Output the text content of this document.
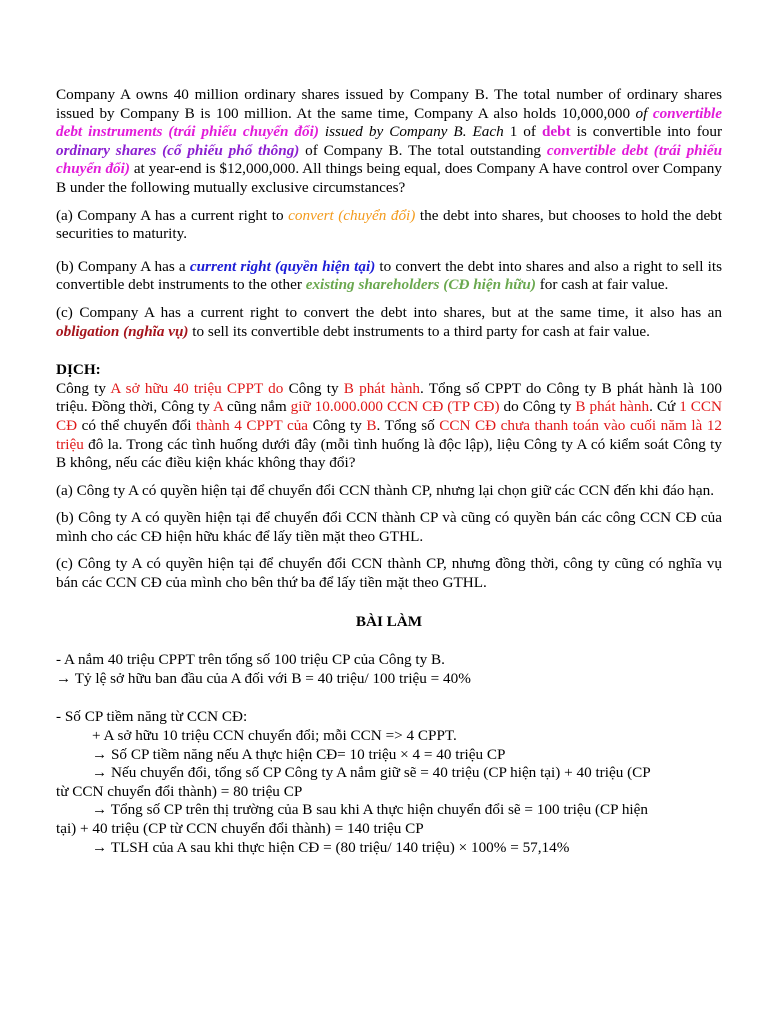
Company A owns 40 million ordinary shares issued by Company B. The total number of ordinary shares issued by Company B is 100 million. At the same time, Company A also holds 10,000,000 of convertible debt instruments (trái phiếu chuyển đổi) issued by Company B. Each 1 of debt is convertible into four ordinary shares (cổ phiếu phổ thông) of Company B. The total outstanding convertible debt (trái phiếu chuyển đổi) at year-end is $12,000,000. All things being equal, does Company A have control over Company B under the following mutually exclusive circumstances?

(a) Company A has a current right to convert (chuyển đổi) the debt into shares, but chooses to hold the debt securities to maturity.

(b) Company A has a current right (quyền hiện tại) to convert the debt into shares and also a right to sell its convertible debt instruments to the other existing shareholders (CĐ hiện hữu) for cash at fair value.

(c) Company A has a current right to convert the debt into shares, but at the same time, it also has an obligation (nghĩa vụ) to sell its convertible debt instruments to a third party for cash at fair value.

DỊCH:

Công ty A sở hữu 40 triệu CPPT do Công ty B phát hành. Tổng số CPPT do Công ty B phát hành là 100 triệu. Đồng thời, Công ty A cũng nắm giữ 10.000.000 CCN CĐ (TP CĐ) do Công ty B phát hành. Cứ 1 CCN CĐ có thể chuyển đổi thành 4 CPPT của Công ty B. Tổng số CCN CĐ chưa thanh toán vào cuối năm là 12 triệu đô la. Trong các tình huống dưới đây (mỗi tình huống là độc lập), liệu Công ty A có kiểm soát Công ty B không, nếu các điều kiện khác không thay đổi?

(a) Công ty A có quyền hiện tại để chuyển đổi CCN thành CP, nhưng lại chọn giữ các CCN đến khi đáo hạn.

(b) Công ty A có quyền hiện tại để chuyển đổi CCN thành CP và cũng có quyền bán các công CCN CĐ của mình cho các CĐ hiện hữu khác để lấy tiền mặt theo GTHL.

(c) Công ty A có quyền hiện tại để chuyển đổi CCN thành CP, nhưng đồng thời, công ty cũng có nghĩa vụ bán các CCN CĐ của mình cho bên thứ ba để lấy tiền mặt theo GTHL.

BÀI LÀM

- A nắm 40 triệu CPPT trên tổng số 100 triệu CP của Công ty B.

→ Tỷ lệ sở hữu ban đầu của A đối với B = 40 triệu/ 100 triệu = 40%

- Số CP tiềm năng từ CCN CĐ:

+ A sở hữu 10 triệu CCN chuyển đổi; mỗi CCN => 4 CPPT.

→ Số CP tiềm năng nếu A thực hiện CĐ= 10 triệu × 4 = 40 triệu CP

→ Nếu chuyển đổi, tổng số CP Công ty A nắm giữ sẽ = 40 triệu (CP hiện tại) + 40 triệu (CP

từ CCN chuyển đổi thành) = 80 triệu CP

→ Tổng số CP trên thị trường của B sau khi A thực hiện chuyển đổi sẽ = 100 triệu (CP hiện

tại) + 40 triệu (CP từ CCN chuyển đổi thành) = 140 triệu CP

→ TLSH của A sau khi thực hiện CĐ = (80 triệu/ 140 triệu) × 100% = 57,14%
